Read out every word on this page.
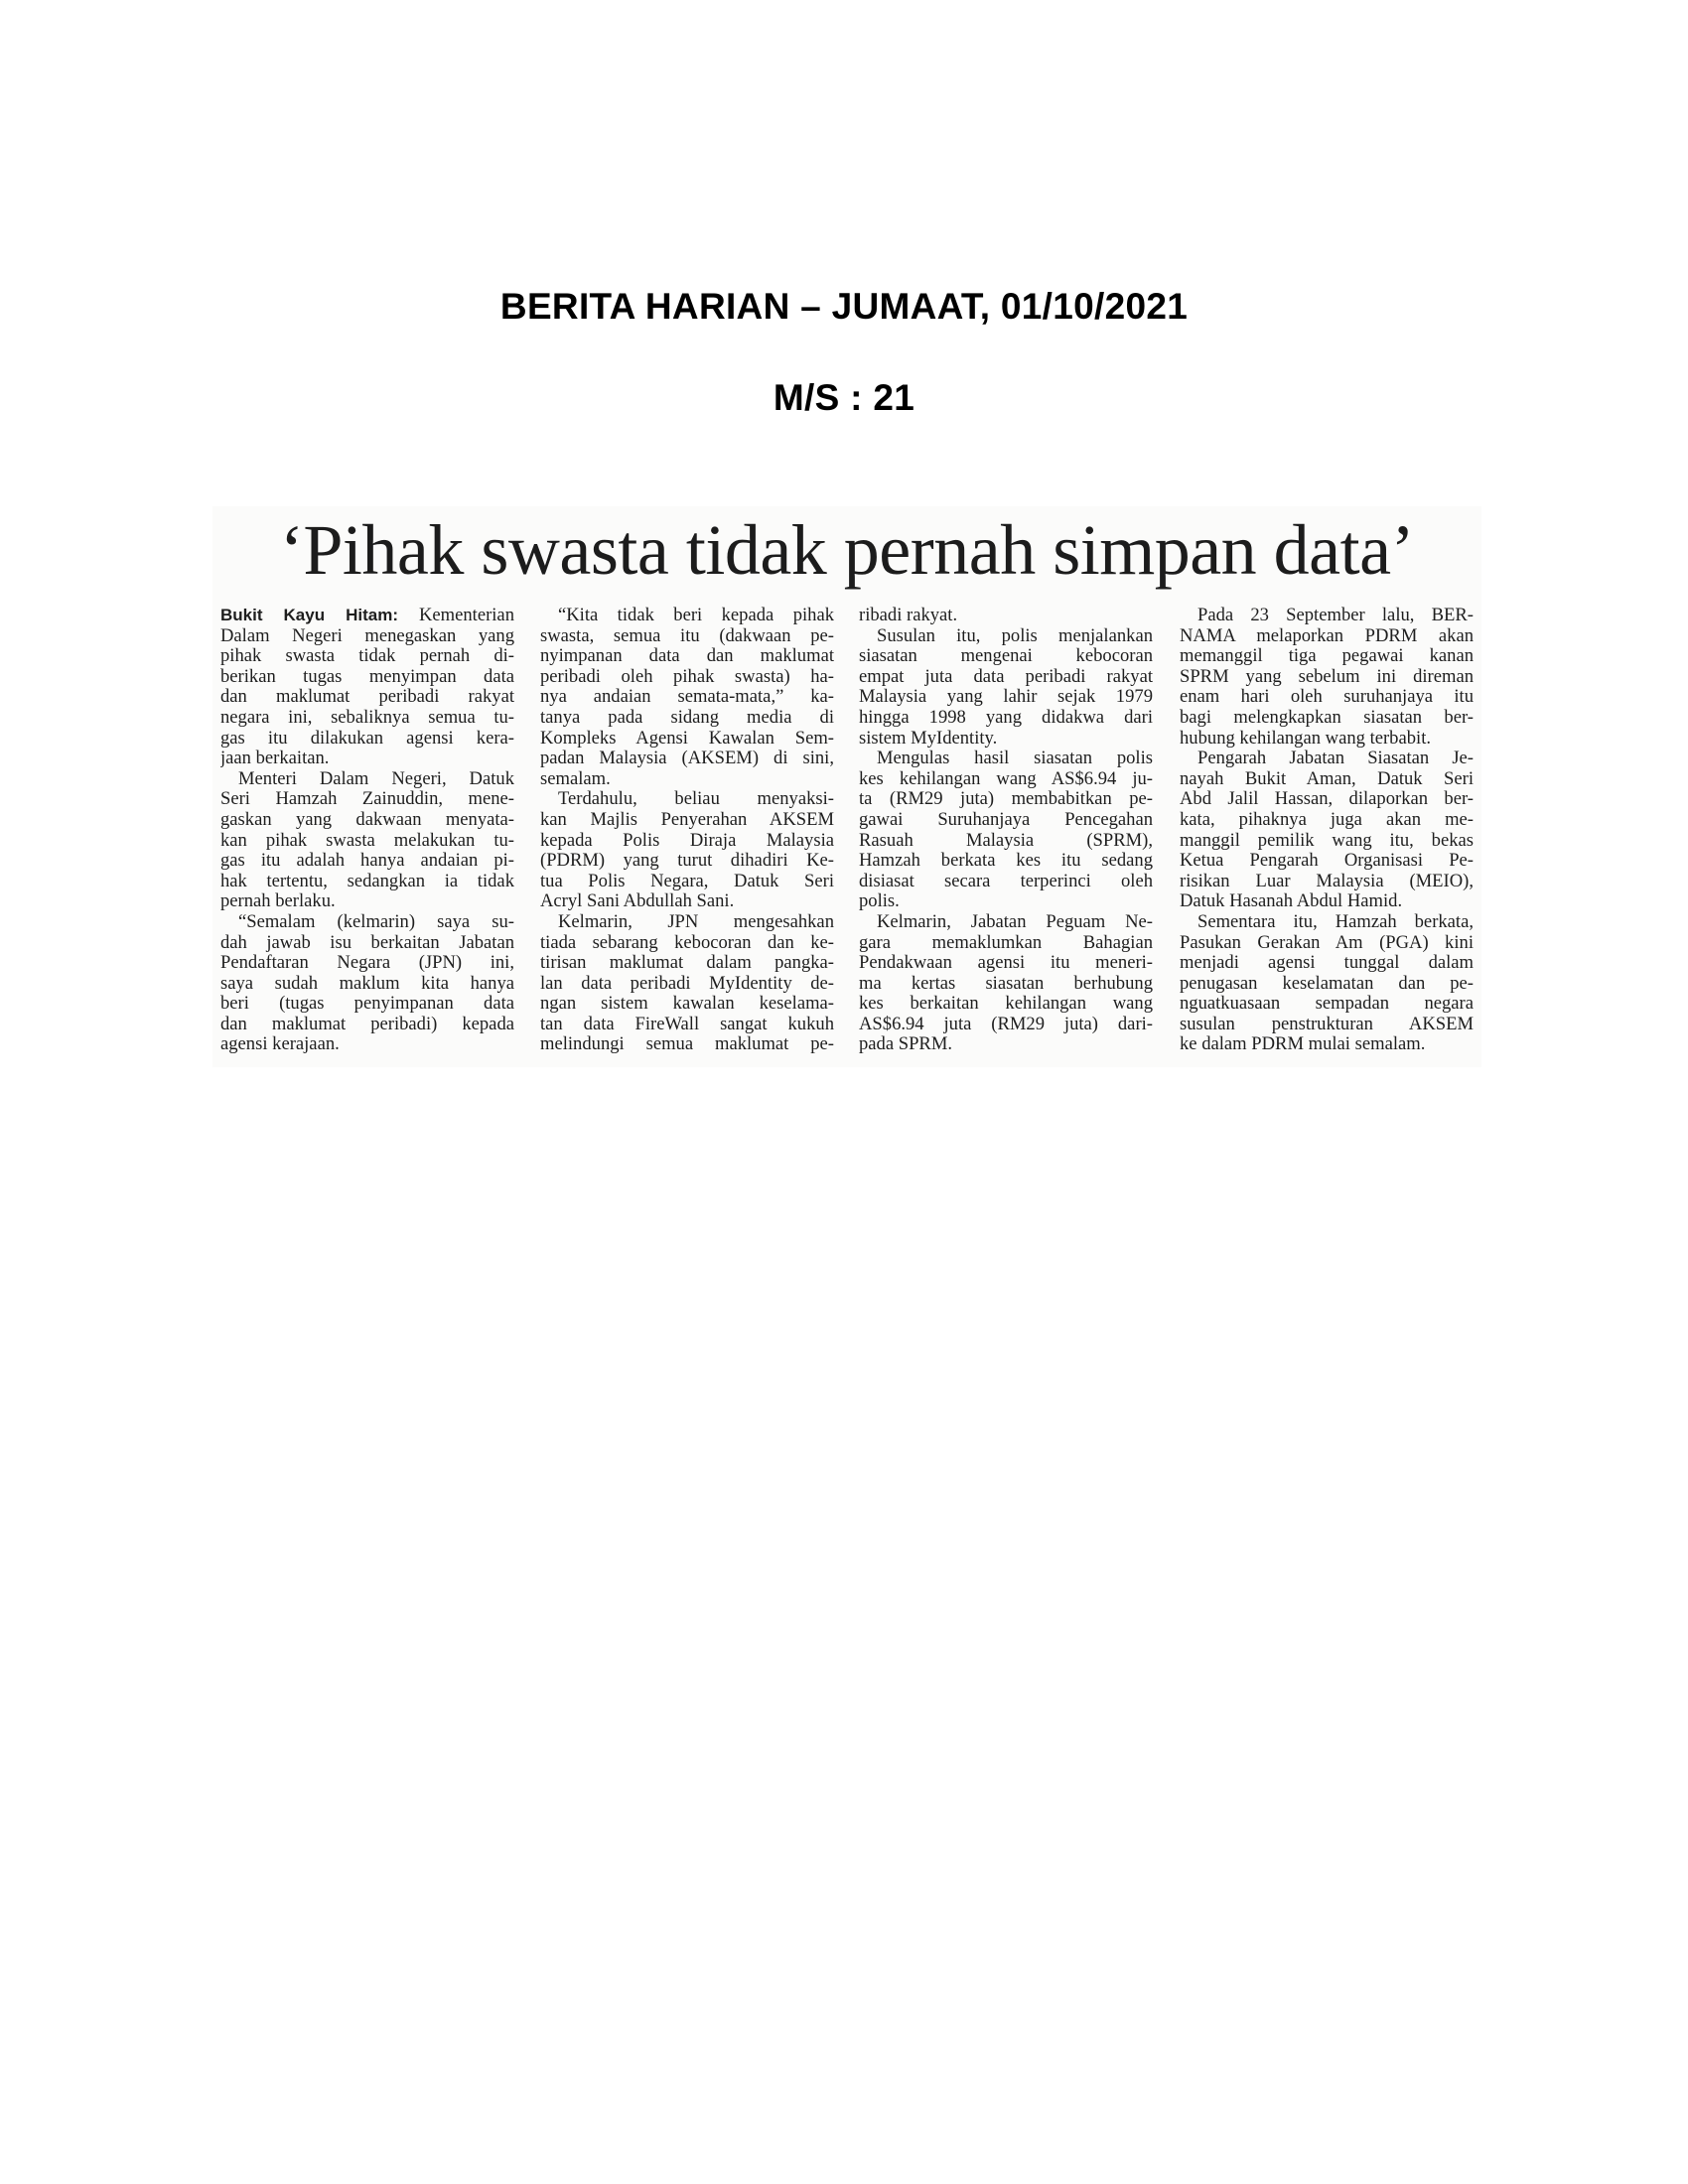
BERITA HARIAN – JUMAAT, 01/10/2021
M/S : 21
‘Pihak swasta tidak pernah simpan data’
Bukit Kayu Hitam: Kementerian
Dalam Negeri menegaskan yang
pihak swasta tidak pernah di-
berikan tugas menyimpan data
dan maklumat peribadi rakyat
negara ini, sebaliknya semua tu-
gas itu dilakukan agensi kera-
jaan berkaitan.
Menteri Dalam Negeri, Datuk
Seri Hamzah Zainuddin, mene-
gaskan yang dakwaan menyata-
kan pihak swasta melakukan tu-
gas itu adalah hanya andaian pi-
hak tertentu, sedangkan ia tidak
pernah berlaku.
“Semalam (kelmarin) saya su-
dah jawab isu berkaitan Jabatan
Pendaftaran Negara (JPN) ini,
saya sudah maklum kita hanya
beri (tugas penyimpanan data
dan maklumat peribadi) kepada
agensi kerajaan.
“Kita tidak beri kepada pihak
swasta, semua itu (dakwaan pe-
nyimpanan data dan maklumat
peribadi oleh pihak swasta) ha-
nya andaian semata-mata,” ka-
tanya pada sidang media di
Kompleks Agensi Kawalan Sem-
padan Malaysia (AKSEM) di sini,
semalam.
Terdahulu, beliau menyaksi-
kan Majlis Penyerahan AKSEM
kepada Polis Diraja Malaysia
(PDRM) yang turut dihadiri Ke-
tua Polis Negara, Datuk Seri
Acryl Sani Abdullah Sani.
Kelmarin, JPN mengesahkan
tiada sebarang kebocoran dan ke-
tirisan maklumat dalam pangka-
lan data peribadi MyIdentity de-
ngan sistem kawalan keselama-
tan data FireWall sangat kukuh
melindungi semua maklumat pe-
ribadi rakyat.
Susulan itu, polis menjalankan
siasatan mengenai kebocoran
empat juta data peribadi rakyat
Malaysia yang lahir sejak 1979
hingga 1998 yang didakwa dari
sistem MyIdentity.
Mengulas hasil siasatan polis
kes kehilangan wang AS$6.94 ju-
ta (RM29 juta) membabitkan pe-
gawai Suruhanjaya Pencegahan
Rasuah Malaysia (SPRM),
Hamzah berkata kes itu sedang
disiasat secara terperinci oleh
polis.
Kelmarin, Jabatan Peguam Ne-
gara memaklumkan Bahagian
Pendakwaan agensi itu meneri-
ma kertas siasatan berhubung
kes berkaitan kehilangan wang
AS$6.94 juta (RM29 juta) dari-
pada SPRM.
Pada 23 September lalu, BER-
NAMA melaporkan PDRM akan
memanggil tiga pegawai kanan
SPRM yang sebelum ini direman
enam hari oleh suruhanjaya itu
bagi melengkapkan siasatan ber-
hubung kehilangan wang terbabit.
Pengarah Jabatan Siasatan Je-
nayah Bukit Aman, Datuk Seri
Abd Jalil Hassan, dilaporkan ber-
kata, pihaknya juga akan me-
manggil pemilik wang itu, bekas
Ketua Pengarah Organisasi Pe-
risikan Luar Malaysia (MEIO),
Datuk Hasanah Abdul Hamid.
Sementara itu, Hamzah berkata,
Pasukan Gerakan Am (PGA) kini
menjadi agensi tunggal dalam
penugasan keselamatan dan pe-
nguatkuasaan sempadan negara
susulan penstrukturan AKSEM
ke dalam PDRM mulai semalam.
